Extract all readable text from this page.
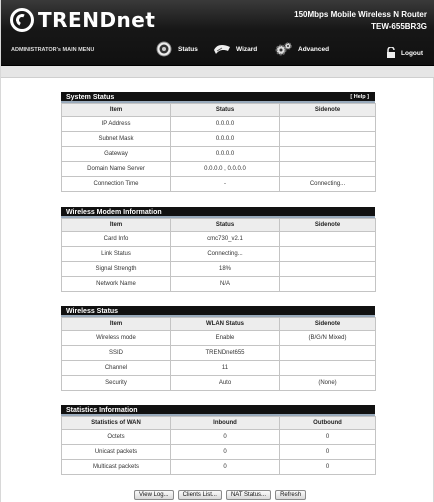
TRENDnet	150Mbps Mobile Wireless N Router
TEW-655BR3G
ADMINISTRATOR's MAIN MENU	Status	Wizard	Advanced
Logout
System Status	[ Help ]
Item	Status	Sidenote
IP Address	0.0.0.0	
Subnet Mask	0.0.0.0	
Gateway	0.0.0.0	
Domain Name Server	0.0.0.0 , 0.0.0.0	
Connection Time	-	Connecting...
Wireless Modem Information
Item	Status	Sidenote
Card Info	cmc730_v2.1	
Link Status	Connecting...	
Signal Strength	18%	
Network Name	N/A	
Wireless Status
Item	WLAN Status	Sidenote
Wireless mode	Enable	(B/G/N Mixed)
SSID	TRENDnet655	
Channel	11	
Security	Auto	(None)
Statistics Information
Statistics of WAN	Inbound	Outbound
Octets	0	0
Unicast packets	0	0
Multicast packets	0	0
View Log...	Clients List...	NAT Status...	Refresh
